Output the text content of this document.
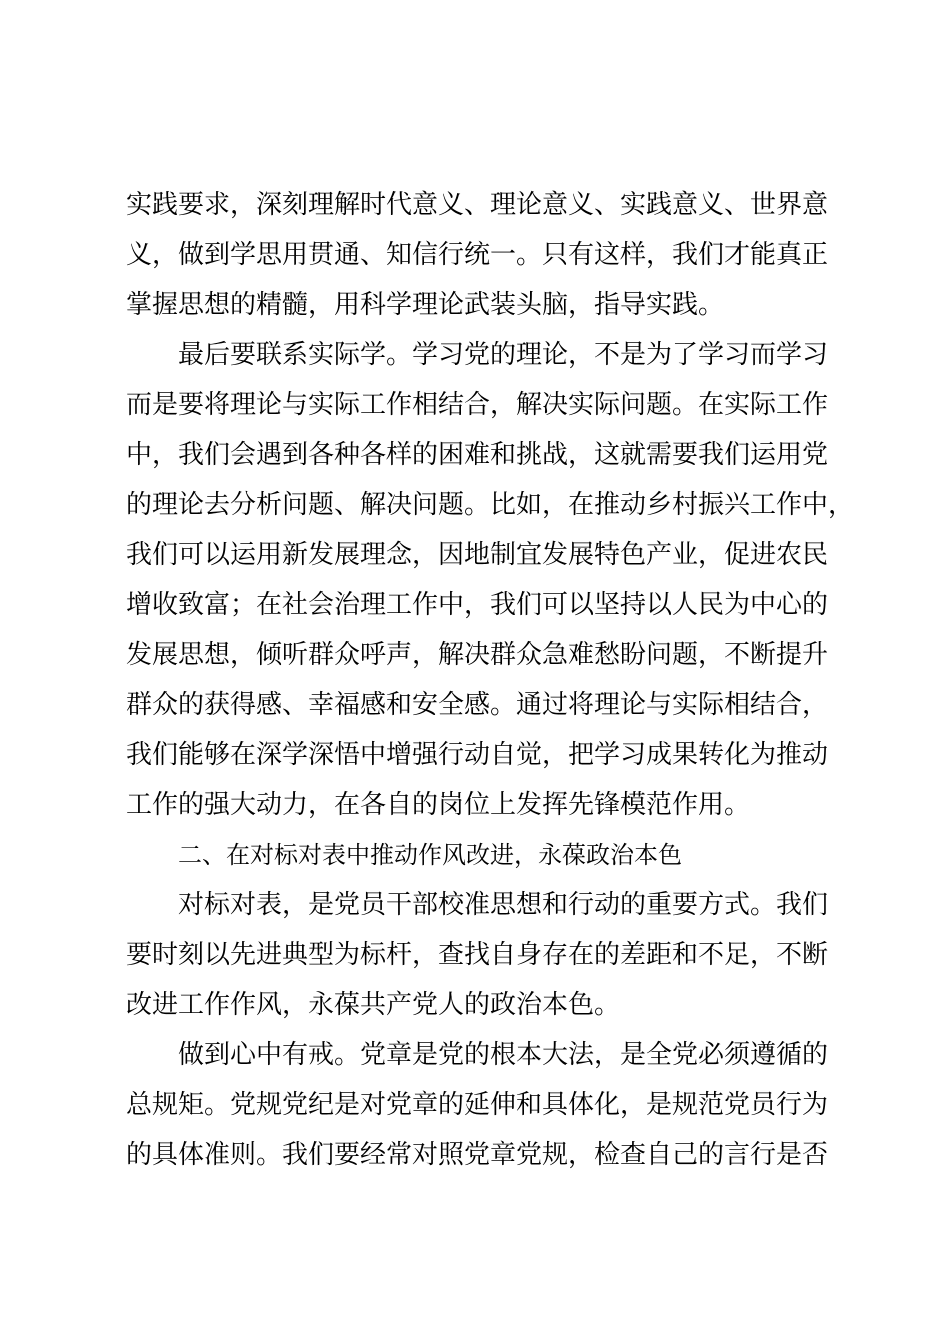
实践要求，深刻理解时代意义、理论意义、实践意义、世界意
义，做到学思用贯通、知信行统一。只有这样，我们才能真正
掌握思想的精髓，用科学理论武装头脑，指导实践。
最后要联系实际学。学习党的理论，不是为了学习而学习
而是要将理论与实际工作相结合，解决实际问题。在实际工作
中，我们会遇到各种各样的困难和挑战，这就需要我们运用党
的理论去分析问题、解决问题。比如，在推动乡村振兴工作中，
我们可以运用新发展理念，因地制宜发展特色产业，促进农民
增收致富；在社会治理工作中，我们可以坚持以人民为中心的
发展思想，倾听群众呼声，解决群众急难愁盼问题，不断提升
群众的获得感、幸福感和安全感。通过将理论与实际相结合，
我们能够在深学深悟中增强行动自觉，把学习成果转化为推动
工作的强大动力，在各自的岗位上发挥先锋模范作用。
二、在对标对表中推动作风改进，永葆政治本色
对标对表，是党员干部校准思想和行动的重要方式。我们
要时刻以先进典型为标杆，查找自身存在的差距和不足，不断
改进工作作风，永葆共产党人的政治本色。
做到心中有戒。党章是党的根本大法，是全党必须遵循的
总规矩。党规党纪是对党章的延伸和具体化，是规范党员行为
的具体准则。我们要经常对照党章党规，检查自己的言行是否
